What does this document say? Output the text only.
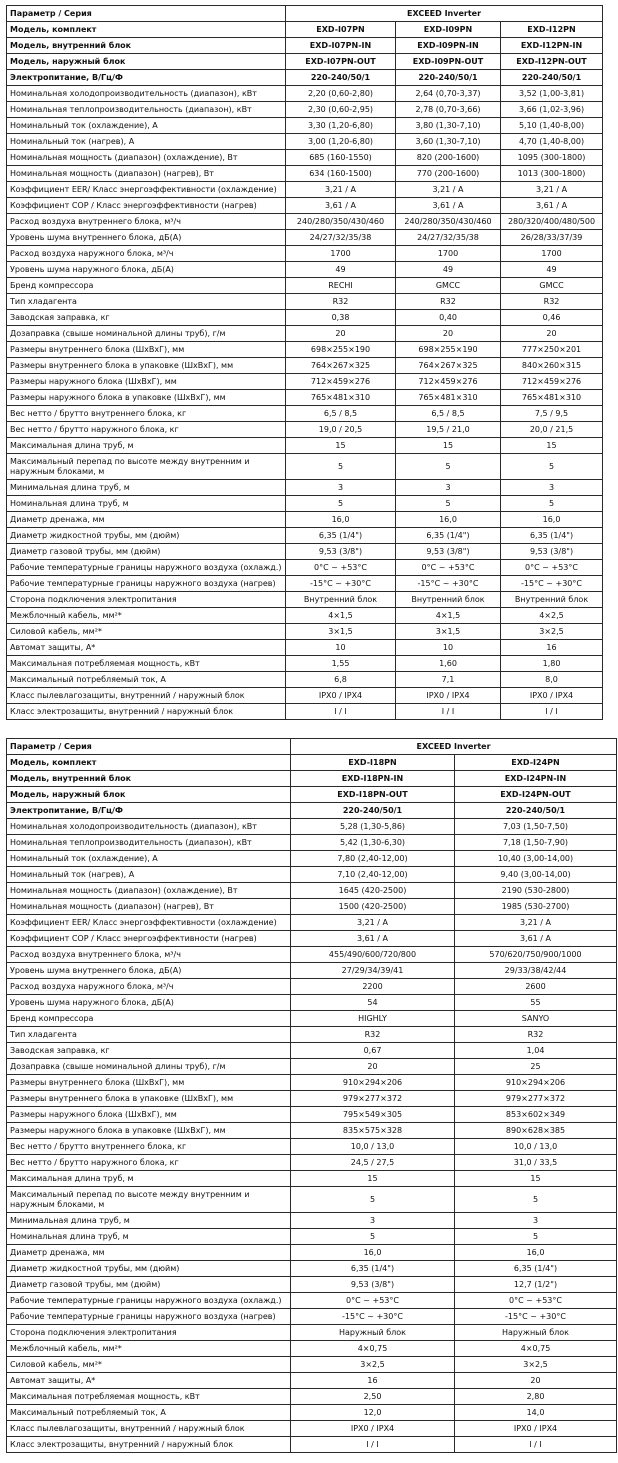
Параметр / Серия	EXCEED Inverter		
Модель, комплект	EXD-I07PN	EXD-I09PN	EXD-I12PN
Модель, внутренний блок	EXD-I07PN-IN	EXD-I09PN-IN	EXD-I12PN-IN
Модель, наружный блок	EXD-I07PN-OUT	EXD-I09PN-OUT	EXD-I12PN-OUT
Электропитание, В/Гц/Ф	220-240/50/1	220-240/50/1	220-240/50/1
Номинальная холодопроизводительность (диапазон), кВт	2,20 (0,60-2,80)	2,64 (0,70-3,37)	3,52 (1,00-3,81)
Номинальная теплопроизводительность (диапазон), кВт	2,30 (0,60-2,95)	2,78 (0,70-3,66)	3,66 (1,02-3,96)
Номинальный ток (охлаждение), А	3,30 (1,20-6,80)	3,80 (1,30-7,10)	5,10 (1,40-8,00)
Номинальный ток (нагрев), А	3,00 (1,20-6,80)	3,60 (1,30-7,10)	4,70 (1,40-8,00)
Номинальная мощность (диапазон) (охлаждение), Вт	685 (160-1550)	820 (200-1600)	1095 (300-1800)
Номинальная мощность (диапазон) (нагрев), Вт	634 (160-1500)	770 (200-1600)	1013 (300-1800)
Коэффициент EER/ Класс энергоэффективности (охлаждение)	3,21 / A	3,21 / A	3,21 / A
Коэффициент COP / Класс энергоэффективности (нагрев)	3,61 / A	3,61 / A	3,61 / A
Расход воздуха внутреннего блока, м³/ч	240/280/350/430/460	240/280/350/430/460	280/320/400/480/500
Уровень шума внутреннего блока, дБ(А)	24/27/32/35/38	24/27/32/35/38	26/28/33/37/39
Расход воздуха наружного блока, м³/ч	1700	1700	1700
Уровень шума наружного блока, дБ(А)	49	49	49
Бренд компрессора	RECHI	GMCC	GMCC
Тип хладагента	R32	R32	R32
Заводская заправка, кг	0,38	0,40	0,46
Дозаправка (свыше номинальной длины труб), г/м	20	20	20
Размеры внутреннего блока (ШхВхГ), мм	698×255×190	698×255×190	777×250×201
Размеры внутреннего блока в упаковке (ШхВхГ), мм	764×267×325	764×267×325	840×260×315
Размеры наружного блока (ШхВхГ), мм	712×459×276	712×459×276	712×459×276
Размеры наружного блока в упаковке (ШхВхГ), мм	765×481×310	765×481×310	765×481×310
Вес нетто / брутто внутреннего блока, кг	6,5 / 8,5	6,5 / 8,5	7,5 / 9,5
Вес нетто / брутто наружного блока, кг	19,0 / 20,5	19,5 / 21,0	20,0 / 21,5
Максимальная длина труб, м	15	15	15
Максимальный перепад по высоте между внутренним и наружным блоками, м	5	5	5
Минимальная длина труб, м	3	3	3
Номинальная длина труб, м	5	5	5
Диаметр дренажа, мм	16,0	16,0	16,0
Диаметр жидкостной трубы, мм (дюйм)	6,35 (1/4")	6,35 (1/4")	6,35 (1/4")
Диаметр газовой трубы, мм (дюйм)	9,53 (3/8")	9,53 (3/8")	9,53 (3/8")
Рабочие температурные границы наружного воздуха (охлажд.)	0°C ~ +53°C	0°C ~ +53°C	0°C ~ +53°C
Рабочие температурные границы наружного воздуха (нагрев)	-15°C ~ +30°C	-15°C ~ +30°C	-15°C ~ +30°C
Сторона подключения электропитания	Внутренний блок	Внутренний блок	Внутренний блок
Межблочный кабель, мм²*	4×1,5	4×1,5	4×2,5
Силовой кабель, мм²*	3×1,5	3×1,5	3×2,5
Автомат защиты, А*	10	10	16
Максимальная потребляемая мощность, кВт	1,55	1,60	1,80
Максимальный потребляемый ток, А	6,8	7,1	8,0
Класс пылевлагозащиты, внутренний / наружный блок	IPX0 / IPX4	IPX0 / IPX4	IPX0 / IPX4
Класс электрозащиты, внутренний / наружный блок	I / I	I / I	I / I
Параметр / Серия	EXCEED Inverter	
Модель, комплект	EXD-I18PN	EXD-I24PN
Модель, внутренний блок	EXD-I18PN-IN	EXD-I24PN-IN
Модель, наружный блок	EXD-I18PN-OUT	EXD-I24PN-OUT
Электропитание, В/Гц/Ф	220-240/50/1	220-240/50/1
Номинальная холодопроизводительность (диапазон), кВт	5,28 (1,30-5,86)	7,03 (1,50-7,50)
Номинальная теплопроизводительность (диапазон), кВт	5,42 (1,30-6,30)	7,18 (1,50-7,90)
Номинальный ток (охлаждение), А	7,80 (2,40-12,00)	10,40 (3,00-14,00)
Номинальный ток (нагрев), А	7,10 (2,40-12,00)	9,40 (3,00-14,00)
Номинальная мощность (диапазон) (охлаждение), Вт	1645 (420-2500)	2190 (530-2800)
Номинальная мощность (диапазон) (нагрев), Вт	1500 (420-2500)	1985 (530-2700)
Коэффициент EER/ Класс энергоэффективности (охлаждение)	3,21 / A	3,21 / A
Коэффициент COP / Класс энергоэффективности (нагрев)	3,61 / A	3,61 / A
Расход воздуха внутреннего блока, м³/ч	455/490/600/720/800	570/620/750/900/1000
Уровень шума внутреннего блока, дБ(А)	27/29/34/39/41	29/33/38/42/44
Расход воздуха наружного блока, м³/ч	2200	2600
Уровень шума наружного блока, дБ(А)	54	55
Бренд компрессора	HIGHLY	SANYO
Тип хладагента	R32	R32
Заводская заправка, кг	0,67	1,04
Дозаправка (свыше номинальной длины труб), г/м	20	25
Размеры внутреннего блока (ШхВхГ), мм	910×294×206	910×294×206
Размеры внутреннего блока в упаковке (ШхВхГ), мм	979×277×372	979×277×372
Размеры наружного блока (ШхВхГ), мм	795×549×305	853×602×349
Размеры наружного блока в упаковке (ШхВхГ), мм	835×575×328	890×628×385
Вес нетто / брутто внутреннего блока, кг	10,0 / 13,0	10,0 / 13,0
Вес нетто / брутто наружного блока, кг	24,5 / 27,5	31,0 / 33,5
Максимальная длина труб, м	15	15
Максимальный перепад по высоте между внутренним и наружным блоками, м	5	5
Минимальная длина труб, м	3	3
Номинальная длина труб, м	5	5
Диаметр дренажа, мм	16,0	16,0
Диаметр жидкостной трубы, мм (дюйм)	6,35 (1/4")	6,35 (1/4")
Диаметр газовой трубы, мм (дюйм)	9,53 (3/8")	12,7 (1/2")
Рабочие температурные границы наружного воздуха (охлажд.)	0°C ~ +53°C	0°C ~ +53°C
Рабочие температурные границы наружного воздуха (нагрев)	-15°C ~ +30°C	-15°C ~ +30°C
Сторона подключения электропитания	Наружный блок	Наружный блок
Межблочный кабель, мм²*	4×0,75	4×0,75
Силовой кабель, мм²*	3×2,5	3×2,5
Автомат защиты, А*	16	20
Максимальная потребляемая мощность, кВт	2,50	2,80
Максимальный потребляемый ток, А	12,0	14,0
Класс пылевлагозащиты, внутренний / наружный блок	IPX0 / IPX4	IPX0 / IPX4
Класс электрозащиты, внутренний / наружный блок	I / I	I / I
